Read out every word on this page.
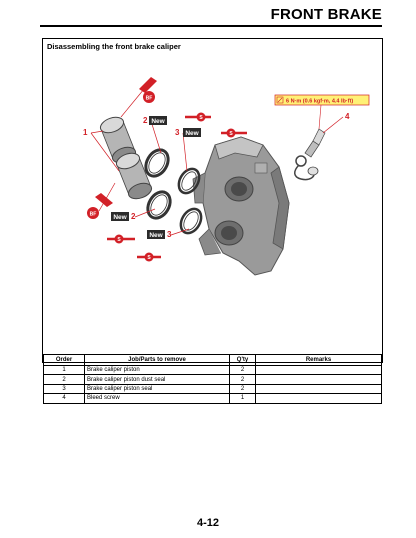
FRONT BRAKE
Disassembling the front brake caliper
BF
BF
S
S
S
S
1
2
3
4
2
3
New
New
New
New
6 N·m (0.6 kgf·m, 4.4 lb·ft)
Order	Job/Parts to remove	Q'ty	Remarks
1	Brake caliper piston	2	
2	Brake caliper piston dust seal	2	
3	Brake caliper piston seal	2	
4	Bleed screw	1	
4-12
